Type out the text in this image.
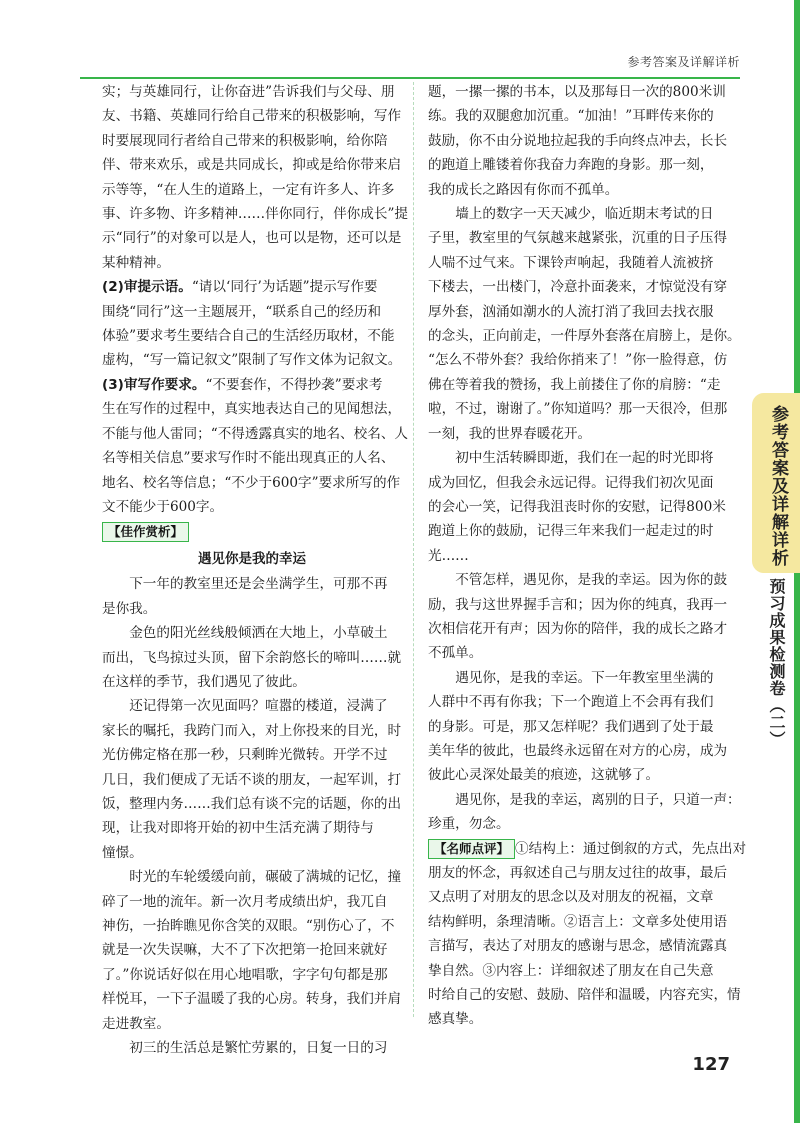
参考答案及详解详析

实；与英雄同行，让你奋进”告诉我们与父母、朋

友、书籍、英雄同行给自己带来的积极影响，写作

时要展现同行者给自己带来的积极影响，给你陪

伴、带来欢乐，或是共同成长，抑或是给你带来启

示等等，“在人生的道路上，一定有许多人、许多

事、许多物、许多精神……伴你同行，伴你成长”提

示“同行”的对象可以是人，也可以是物，还可以是

某种精神。

(2)审提示语。“请以‘同行’为话题”提示写作要

围绕“同行”这一主题展开，“联系自己的经历和

体验”要求考生要结合自己的生活经历取材，不能

虚构，“写一篇记叙文”限制了写作文体为记叙文。

(3)审写作要求。“不要套作，不得抄袭”要求考

生在写作的过程中，真实地表达自己的见闻想法，

不能与他人雷同；“不得透露真实的地名、校名、人

名等相关信息”要求写作时不能出现真正的人名、

地名、校名等信息；“不少于600字”要求所写的作

文不能少于600字。

【佳作赏析】

遇见你是我的幸运

下一年的教室里还是会坐满学生，可那不再

是你我。

金色的阳光丝线般倾洒在大地上，小草破土

而出，飞鸟掠过头顶，留下余韵悠长的啼叫……就

在这样的季节，我们遇见了彼此。

还记得第一次见面吗？喧嚣的楼道，浸满了

家长的嘱托，我跨门而入，对上你投来的目光，时

光仿佛定格在那一秒，只剩眸光微转。开学不过

几日，我们便成了无话不谈的朋友，一起军训，打

饭，整理内务……我们总有谈不完的话题，你的出

现，让我对即将开始的初中生活充满了期待与

憧憬。

时光的车轮缓缓向前，碾破了满城的记忆，撞

碎了一地的流年。新一次月考成绩出炉，我兀自

神伤，一抬眸瞧见你含笑的双眼。“别伤心了，不

就是一次失误嘛，大不了下次把第一抢回来就好

了。”你说话好似在用心地唱歌，字字句句都是那

样悦耳，一下子温暖了我的心房。转身，我们并肩

走进教室。

初三的生活总是繁忙劳累的，日复一日的习

题，一摞一摞的书本，以及那每日一次的800米训

练。我的双腿愈加沉重。“加油！”耳畔传来你的

鼓励，你不由分说地拉起我的手向终点冲去，长长

的跑道上雕镂着你我奋力奔跑的身影。那一刻，

我的成长之路因有你而不孤单。

墙上的数字一天天减少，临近期末考试的日

子里，教室里的气氛越来越紧张，沉重的日子压得

人喘不过气来。下课铃声响起，我随着人流被挤

下楼去，一出楼门，冷意扑面袭来，才惊觉没有穿

厚外套，汹涌如潮水的人流打消了我回去找衣服

的念头，正向前走，一件厚外套落在肩膀上，是你。

“怎么不带外套？我给你捎来了！”你一脸得意，仿

佛在等着我的赞扬，我上前搂住了你的肩膀：“走

啦，不过，谢谢了。”你知道吗？那一天很冷，但那

一刻，我的世界春暖花开。

初中生活转瞬即逝，我们在一起的时光即将

成为回忆，但我会永远记得。记得我们初次见面

的会心一笑，记得我沮丧时你的安慰，记得800米

跑道上你的鼓励，记得三年来我们一起走过的时

光……

不管怎样，遇见你，是我的幸运。因为你的鼓

励，我与这世界握手言和；因为你的纯真，我再一

次相信花开有声；因为你的陪伴，我的成长之路才

不孤单。

遇见你，是我的幸运。下一年教室里坐满的

人群中不再有你我；下一个跑道上不会再有我们

的身影。可是，那又怎样呢？我们遇到了处于最

美年华的彼此，也最终永远留在对方的心房，成为

彼此心灵深处最美的痕迹，这就够了。

遇见你，是我的幸运，离别的日子，只道一声：

珍重，勿念。

【名师点评】 ①结构上：通过倒叙的方式，先点出对

朋友的怀念，再叙述自己与朋友过往的故事，最后

又点明了对朋友的思念以及对朋友的祝福，文章

结构鲜明，条理清晰。②语言上：文章多处使用语

言描写，表达了对朋友的感谢与思念，感情流露真

挚自然。③内容上：详细叙述了朋友在自己失意

时给自己的安慰、鼓励、陪伴和温暖，内容充实，情

感真挚。

参考答案及详解详析
预习成果检测卷（二）
127
